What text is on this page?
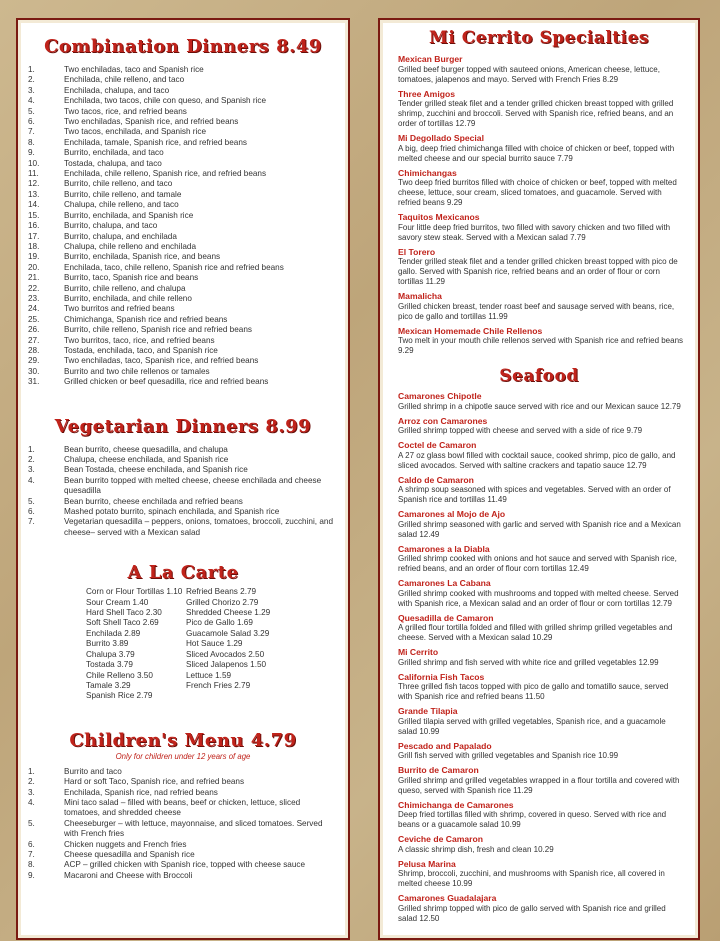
Combination Dinners 8.49
1.	Two enchiladas, taco and Spanish rice
2.	Enchilada, chile relleno, and taco
3.	Enchilada, chalupa, and taco
4.	Enchilada, two tacos, chile con queso, and Spanish rice
5.	Two tacos, rice, and refried beans
6.	Two enchiladas, Spanish rice, and refried beans
7.	Two tacos, enchilada, and Spanish rice
8.	Enchilada, tamale, Spanish rice, and refried beans
9.	Burrito, enchilada, and taco
10.	Tostada, chalupa, and taco
11.	Enchilada, chile relleno, Spanish rice, and refried beans
12.	Burrito, chile relleno, and taco
13.	Burrito, chile relleno, and tamale
14.	Chalupa, chile relleno, and taco
15.	Burrito, enchilada, and Spanish rice
16.	Burrito, chalupa, and taco
17.	Burrito, chalupa, and enchilada
18.	Chalupa, chile relleno and enchilada
19.	Burrito, enchilada, Spanish rice, and beans
20.	Enchilada, taco, chile relleno, Spanish rice and refried beans
21.	Burrito, taco, Spanish rice and beans
22.	Burrito, chile relleno, and chalupa
23.	Burrito, enchilada, and chile relleno
24.	Two burritos and refried beans
25.	Chimichanga, Spanish rice and refried beans
26.	Burrito, chile relleno, Spanish rice and refried beans
27.	Two burritos, taco, rice, and refried beans
28.	Tostada, enchilada, taco, and Spanish rice
29.	Two enchiladas, taco, Spanish rice, and refried beans
30.	Burrito and two chile rellenos or tamales
31.	Grilled chicken or beef quesadilla, rice and refried beans
Vegetarian Dinners 8.99
1.	Bean burrito, cheese quesadilla, and chalupa
2.	Chalupa, cheese enchilada, and Spanish rice
3.	Bean Tostada, cheese enchilada, and Spanish rice
4.	Bean burrito topped with melted cheese, cheese enchilada and cheese quesadilla
5.	Bean burrito, cheese enchilada and refried beans
6.	Mashed potato burrito, spinach enchilada, and Spanish rice
7.	Vegetarian quesadilla – peppers, onions, tomatoes, broccoli, zucchini, and cheese– served with a Mexican salad
A La Carte
Corn or Flour Tortillas 1.10
Sour Cream 1.40
Hard Shell Taco 2.30
Soft Shell Taco 2.69
Enchilada 2.89
Burrito 3.89
Chalupa 3.79
Tostada 3.79
Chile Relleno 3.50
Tamale 3.29
Spanish Rice 2.79
Refried Beans 2.79
Grilled Chorizo 2.79
Shredded Cheese 1.29
Pico de Gallo 1.69
Guacamole Salad 3.29
Hot Sauce 1.29
Sliced Avocados 2.50
Sliced Jalapenos 1.50
Lettuce 1.59
French Fries 2.79
Children's Menu 4.79
Only for children under 12 years of age
1.	Burrito and taco
2.	Hard or soft Taco, Spanish rice, and refried beans
3.	Enchilada, Spanish rice, nad refried beans
4.	Mini taco salad – filled with beans, beef or chicken, lettuce, sliced tomatoes, and shredded cheese
5.	Cheeseburger – with lettuce, mayonnaise, and sliced tomatoes. Served with French fries
6.	Chicken nuggets and French fries
7.	Cheese quesadilla and Spanish rice
8.	ACP – grilled chicken with Spanish rice, topped with cheese sauce
9.	Macaroni and Cheese with Broccoli
Mi Cerrito Specialties
Mexican Burger
Grilled beef burger topped with sauteed onions, American cheese, lettuce, tomatoes, jalapenos and mayo. Served with French Fries 8.29
Three Amigos
Tender grilled steak filet and a tender grilled chicken breast topped with grilled shrimp, zucchini and broccoli. Served with Spanish rice, refried beans, and an order of tortillas 12.79
Mi Degollado Special
A big, deep fried chimichanga filled with choice of chicken or beef, topped with melted cheese and our special burrito sauce 7.79
Chimichangas
Two deep fried burritos filled with choice of chicken or beef, topped with melted cheese, lettuce, sour cream, sliced tomatoes, and guacamole. Served with refried beans 9.29
Taquitos Mexicanos
Four little deep fried burritos, two filled with savory chicken and two filled with savory stew steak. Served with a Mexican salad 7.79
El Torero
Tender grilled steak filet and a tender grilled chicken breast topped with pico de gallo. Served with Spanish rice, refried beans and an order of flour or corn tortillas 11.29
Mamalicha
Grilled chicken breast, tender roast beef and sausage served with beans, rice, pico de gallo and tortillas 11.99
Mexican Homemade Chile Rellenos
Two melt in your mouth chile rellenos served with Spanish rice and refried beans 9.29
Seafood
Camarones Chipotle
Grilled shrimp in a chipotle sauce served with rice and our Mexican sauce 12.79
Arroz con Camarones
Grilled shrimp topped with cheese and served with a side of rice 9.79
Coctel de Camaron
A 27 oz glass bowl filled with cocktail sauce, cooked shrimp, pico de gallo, and sliced avocados. Served with saltine crackers and tapatio sauce 12.79
Caldo de Camaron
A shrimp soup seasoned with spices and vegetables. Served with an order of Spanish rice and tortillas 11.49
Camarones al Mojo de Ajo
Grilled shrimp seasoned with garlic and served with Spanish rice and a Mexican salad 12.49
Camarones a la Diabla
Grilled shrimp cooked with onions and hot sauce and served with Spanish rice, refried beans, and an order of flour corn tortillas 12.49
Camarones La Cabana
Grilled shrimp cooked with mushrooms and topped with melted cheese. Served with Spanish rice, a Mexican salad and an order of flour or corn tortillas 12.79
Quesadilla de Camaron
A grilled flour tortilla folded and filled with grilled shrimp grilled vegetables and cheese. Served with a Mexican salad 10.29
Mi Cerrito
Grilled shrimp and fish served with white rice and grilled vegetables 12.99
California Fish Tacos
Three grilled fish tacos topped with pico de gallo and tomatillo sauce, served with Spanish rice and refried beans 11.50
Grande Tilapia
Grilled tilapia served with grilled vegetables, Spanish rice, and a guacamole salad 10.99
Pescado and Papalado
Grill fish served with grilled vegetables and Spanish rice 10.99
Burrito de Camaron
Grilled shrimp and grilled vegetables wrapped in a flour tortilla and covered with queso, served with Spanish rice 11.29
Chimichanga de Camarones
Deep fried tortillas filled with shrimp, covered in queso. Served with rice and beans or a guacamole salad 10.99
Ceviche de Camaron
A classic shrimp dish, fresh and clean 10.29
Pelusa Marina
Shrimp, broccoli, zucchini, and mushrooms with Spanish rice, all covered in melted cheese 10.99
Camarones Guadalajara
Grilled shrimp topped with pico de gallo served with Spanish rice and grilled salad 12.50
